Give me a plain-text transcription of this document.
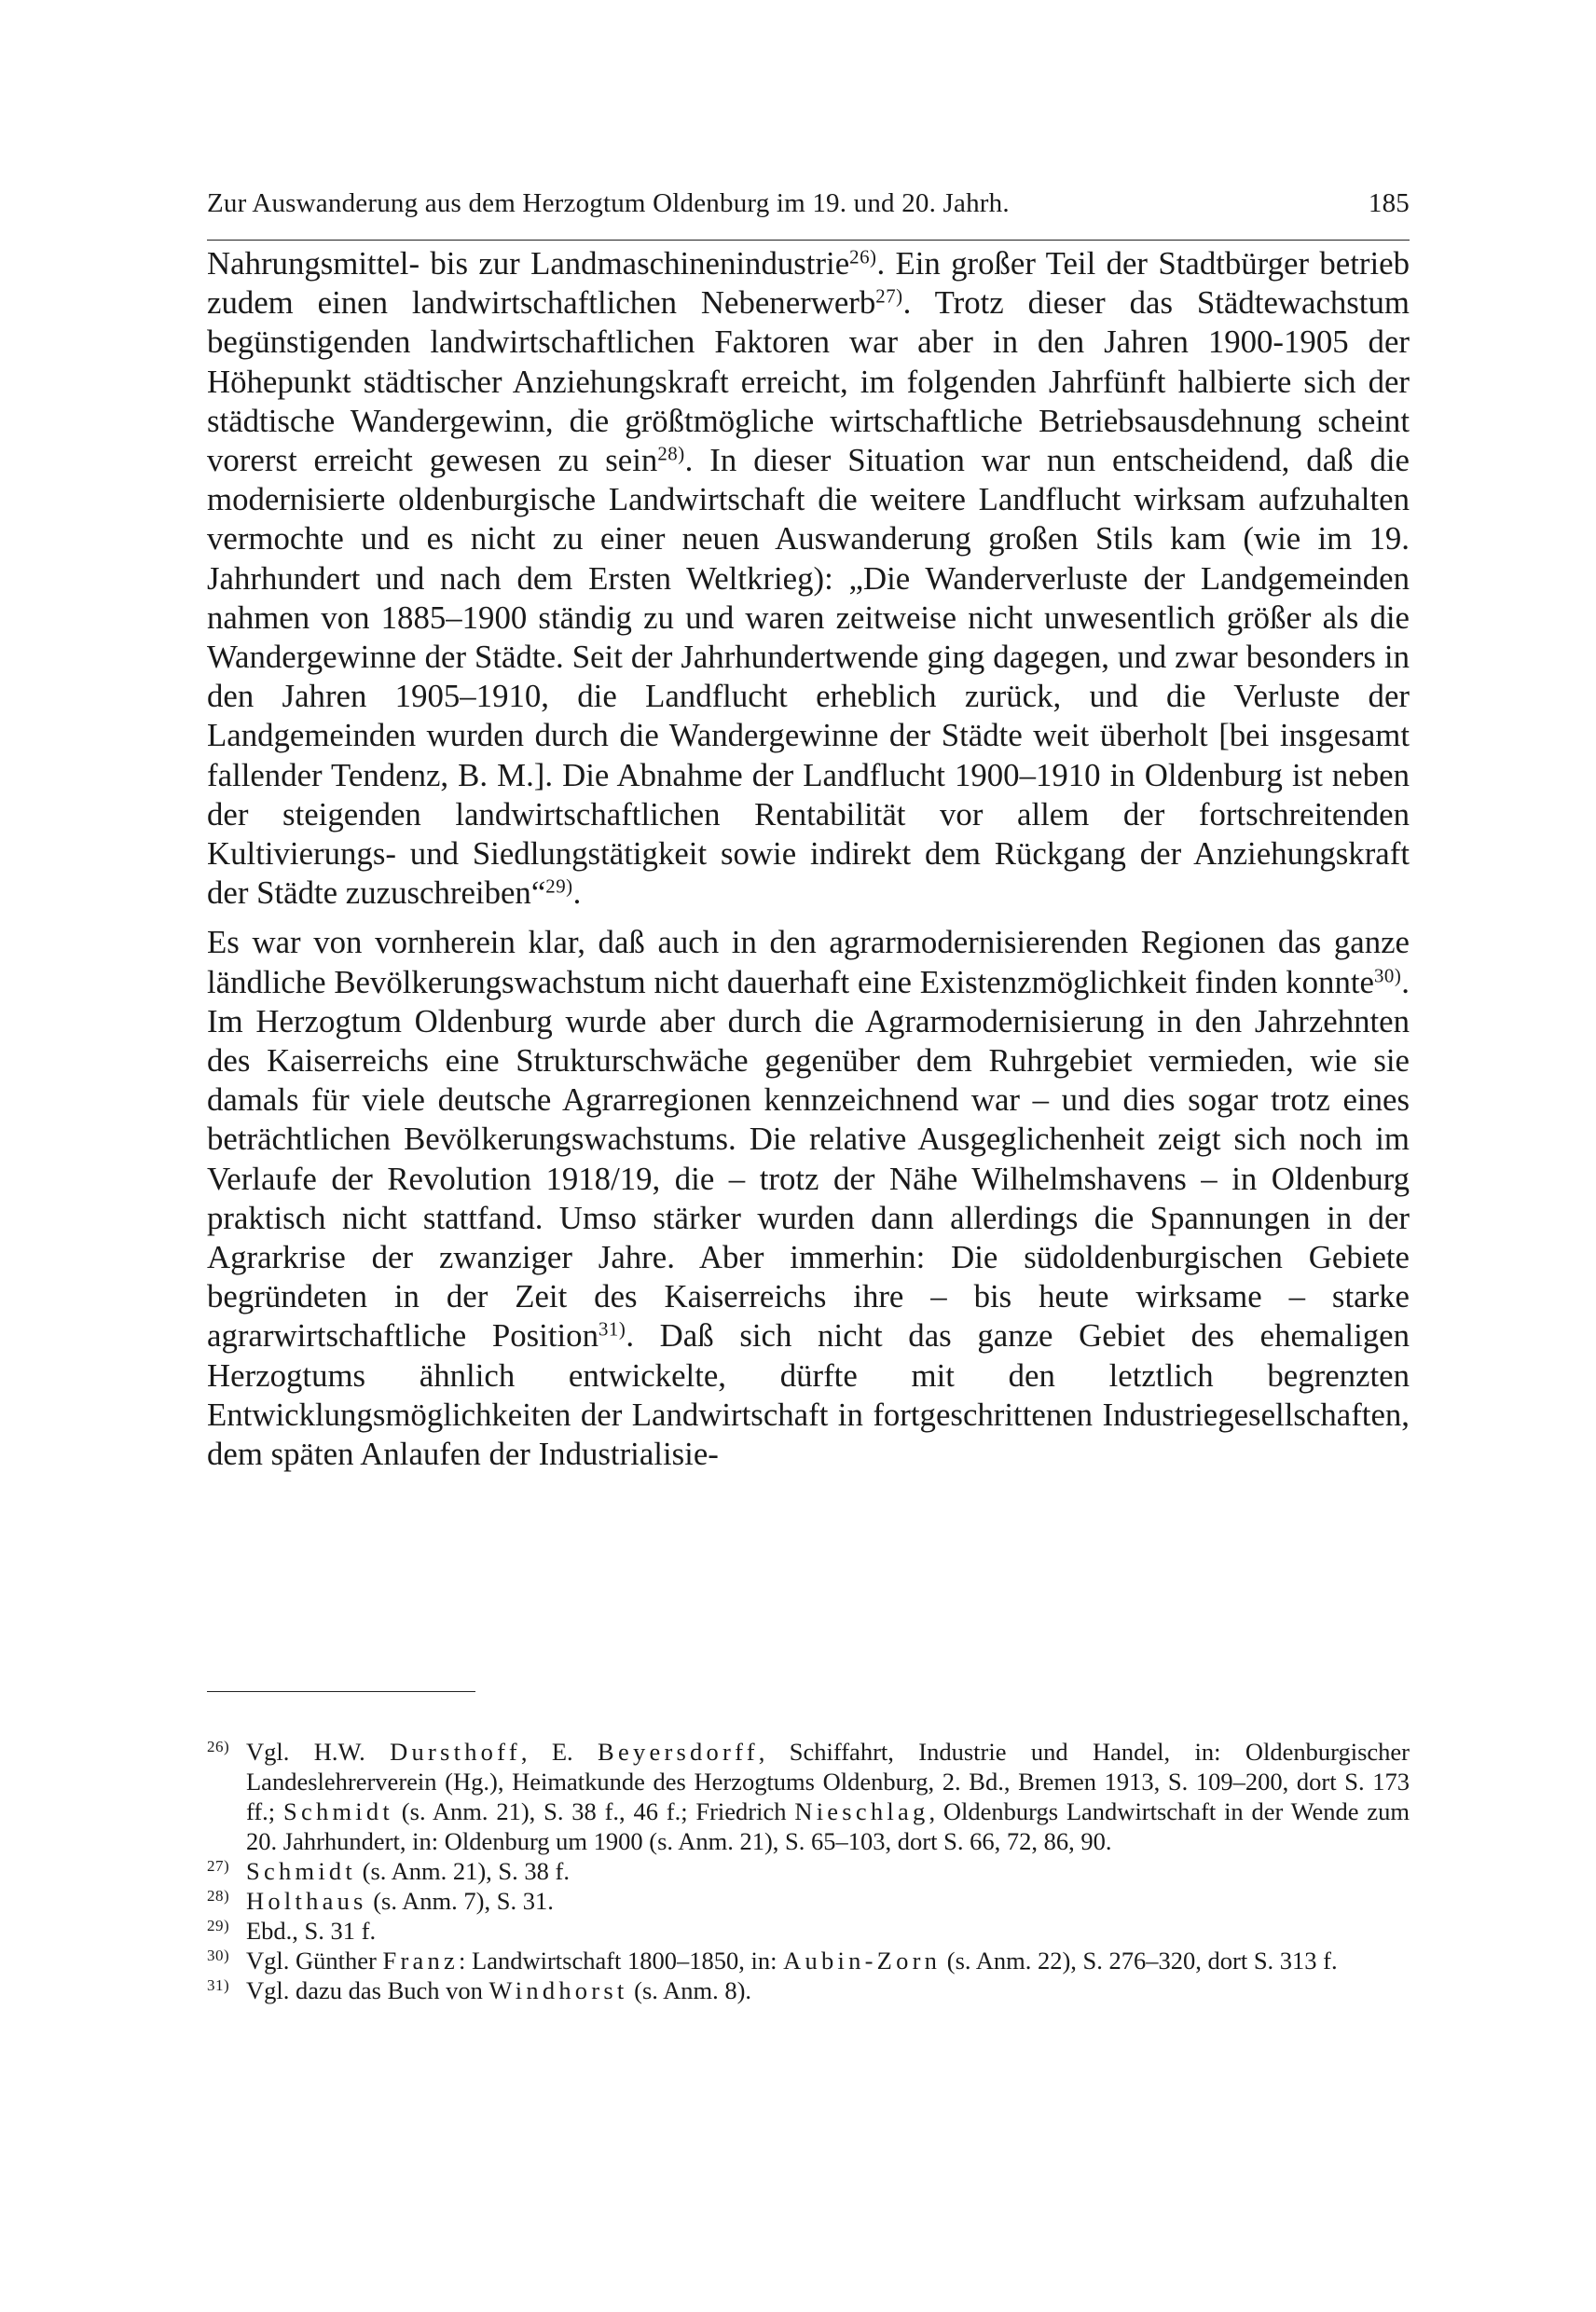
Zur Auswanderung aus dem Herzogtum Oldenburg im 19. und 20. Jahrh.	185

Nahrungsmittel- bis zur Landmaschinenindustrie$^{26)}$. Ein großer Teil der Stadtbürger betrieb zudem einen landwirtschaftlichen Nebenerwerb$^{27)}$. Trotz dieser das Städtewachstum begünstigenden landwirtschaftlichen Faktoren war aber in den Jahren 1900-1905 der Höhepunkt städtischer Anziehungskraft erreicht, im folgenden Jahrfünft halbierte sich der städtische Wandergewinn, die größtmögliche wirtschaftliche Betriebsausdehnung scheint vorerst erreicht gewesen zu sein$^{28)}$. In dieser Situation war nun entscheidend, daß die modernisierte oldenburgische Landwirtschaft die weitere Landflucht wirksam aufzuhalten vermochte und es nicht zu einer neuen Auswanderung großen Stils kam (wie im 19. Jahrhundert und nach dem Ersten Weltkrieg): „Die Wanderverluste der Landgemeinden nahmen von 1885–1900 ständig zu und waren zeitweise nicht unwesentlich größer als die Wandergewinne der Städte. Seit der Jahrhundertwende ging dagegen, und zwar besonders in den Jahren 1905–1910, die Landflucht erheblich zurück, und die Verluste der Landgemeinden wurden durch die Wandergewinne der Städte weit überholt [bei insgesamt fallender Tendenz, B. M.]. Die Abnahme der Landflucht 1900–1910 in Oldenburg ist neben der steigenden landwirtschaftlichen Rentabilität vor allem der fortschreitenden Kultivierungs- und Siedlungstätigkeit sowie indirekt dem Rückgang der Anziehungskraft der Städte zuzuschreiben“$^{29)}$.

Es war von vornherein klar, daß auch in den agrarmodernisierenden Regionen das ganze ländliche Bevölkerungswachstum nicht dauerhaft eine Existenzmöglichkeit finden konnte$^{30)}$. Im Herzogtum Oldenburg wurde aber durch die Agrarmodernisierung in den Jahrzehnten des Kaiserreichs eine Strukturschwäche gegenüber dem Ruhrgebiet vermieden, wie sie damals für viele deutsche Agrarregionen kennzeichnend war – und dies sogar trotz eines beträchtlichen Bevölkerungswachstums. Die relative Ausgeglichenheit zeigt sich noch im Verlaufe der Revolution 1918/19, die – trotz der Nähe Wilhelmshavens – in Oldenburg praktisch nicht stattfand. Umso stärker wurden dann allerdings die Spannungen in der Agrarkrise der zwanziger Jahre. Aber immerhin: Die südoldenburgischen Gebiete begründeten in der Zeit des Kaiserreichs ihre – bis heute wirksame – starke agrarwirtschaftliche Position$^{31)}$. Daß sich nicht das ganze Gebiet des ehemaligen Herzogtums ähnlich entwickelte, dürfte mit den letztlich begrenzten Entwicklungsmöglichkeiten der Landwirtschaft in fortgeschrittenen Industriegesellschaften, dem späten Anlaufen der Industrialisie-

26) Vgl. H.W. Dursthoff, E. Beyersdorff, Schiffahrt, Industrie und Handel, in: Oldenburgischer Landeslehrerverein (Hg.), Heimatkunde des Herzogtums Oldenburg, 2. Bd., Bremen 1913, S. 109–200, dort S. 173 ff.; Schmidt (s. Anm. 21), S. 38 f., 46 f.; Friedrich Nieschlag, Oldenburgs Landwirtschaft in der Wende zum 20. Jahrhundert, in: Oldenburg um 1900 (s. Anm. 21), S. 65–103, dort S. 66, 72, 86, 90.
27) Schmidt (s. Anm. 21), S. 38 f.
28) Holthaus (s. Anm. 7), S. 31.
29) Ebd., S. 31 f.
30) Vgl. Günther Franz: Landwirtschaft 1800–1850, in: Aubin-Zorn (s. Anm. 22), S. 276–320, dort S. 313 f.
31) Vgl. dazu das Buch von Windhorst (s. Anm. 8).
